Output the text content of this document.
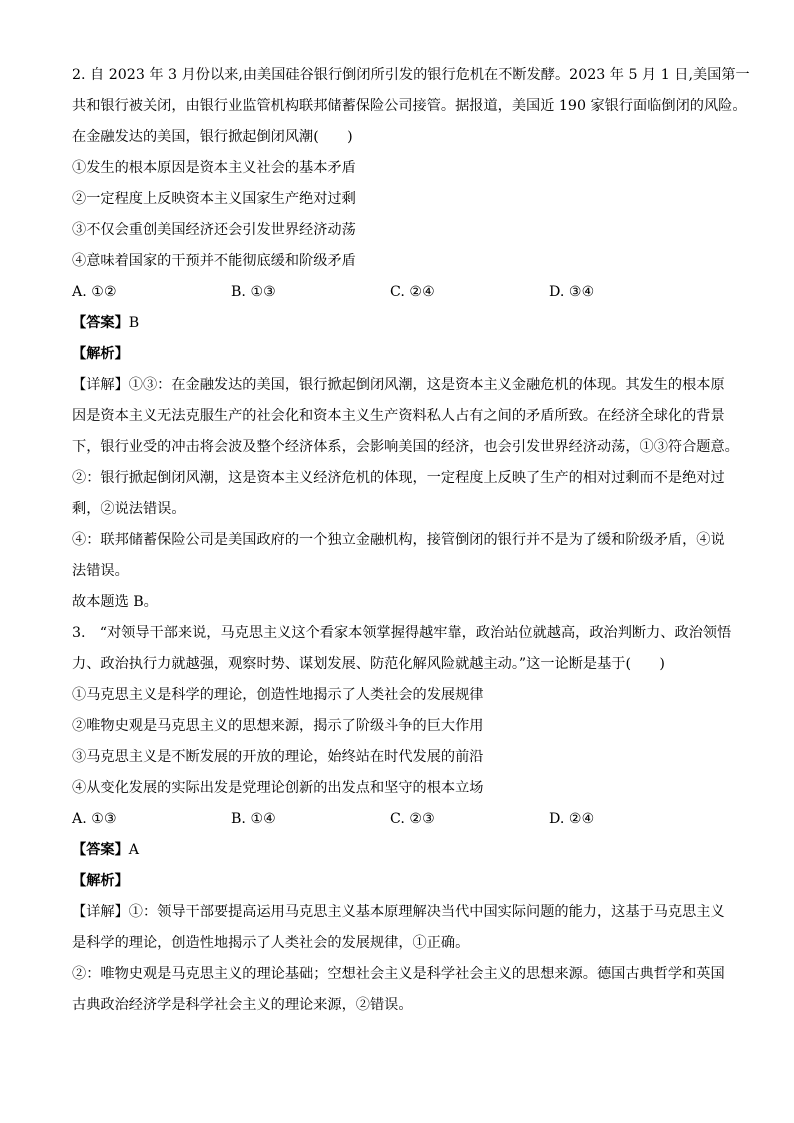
2. 自 2023 年 3 月份以来,由美国硅谷银行倒闭所引发的银行危机在不断发酵。2023 年 5 月 1 日,美国第一
共和银行被关闭，由银行业监管机构联邦储蓄保险公司接管。据报道，美国近 190 家银行面临倒闭的风险。
在金融发达的美国，银行掀起倒闭风潮(　　)
①发生的根本原因是资本主义社会的基本矛盾
②一定程度上反映资本主义国家生产绝对过剩
③不仅会重创美国经济还会引发世界经济动荡
④意味着国家的干预并不能彻底缓和阶级矛盾
A. ①②	B. ①③	C. ②④	D. ③④
【答案】B
【解析】
【详解】①③：在金融发达的美国，银行掀起倒闭风潮，这是资本主义金融危机的体现。其发生的根本原
因是资本主义无法克服生产的社会化和资本主义生产资料私人占有之间的矛盾所致。在经济全球化的背景
下，银行业受的冲击将会波及整个经济体系，会影响美国的经济，也会引发世界经济动荡，①③符合题意。
②：银行掀起倒闭风潮，这是资本主义经济危机的体现，一定程度上反映了生产的相对过剩而不是绝对过
剩，②说法错误。
④：联邦储蓄保险公司是美国政府的一个独立金融机构，接管倒闭的银行并不是为了缓和阶级矛盾，④说
法错误。
故本题选 B。
3.　“对领导干部来说，马克思主义这个看家本领掌握得越牢靠，政治站位就越高，政治判断力、政治领悟
力、政治执行力就越强，观察时势、谋划发展、防范化解风险就越主动。”这一论断是基于(　　)
①马克思主义是科学的理论，创造性地揭示了人类社会的发展规律
②唯物史观是马克思主义的思想来源，揭示了阶级斗争的巨大作用
③马克思主义是不断发展的开放的理论，始终站在时代发展的前沿
④从变化发展的实际出发是党理论创新的出发点和坚守的根本立场
A. ①③	B. ①④	C. ②③	D. ②④
【答案】A
【解析】
【详解】①：领导干部要提高运用马克思主义基本原理解决当代中国实际问题的能力，这基于马克思主义
是科学的理论，创造性地揭示了人类社会的发展规律，①正确。
②：唯物史观是马克思主义的理论基础；空想社会主义是科学社会主义的思想来源。德国古典哲学和英国
古典政治经济学是科学社会主义的理论来源，②错误。
